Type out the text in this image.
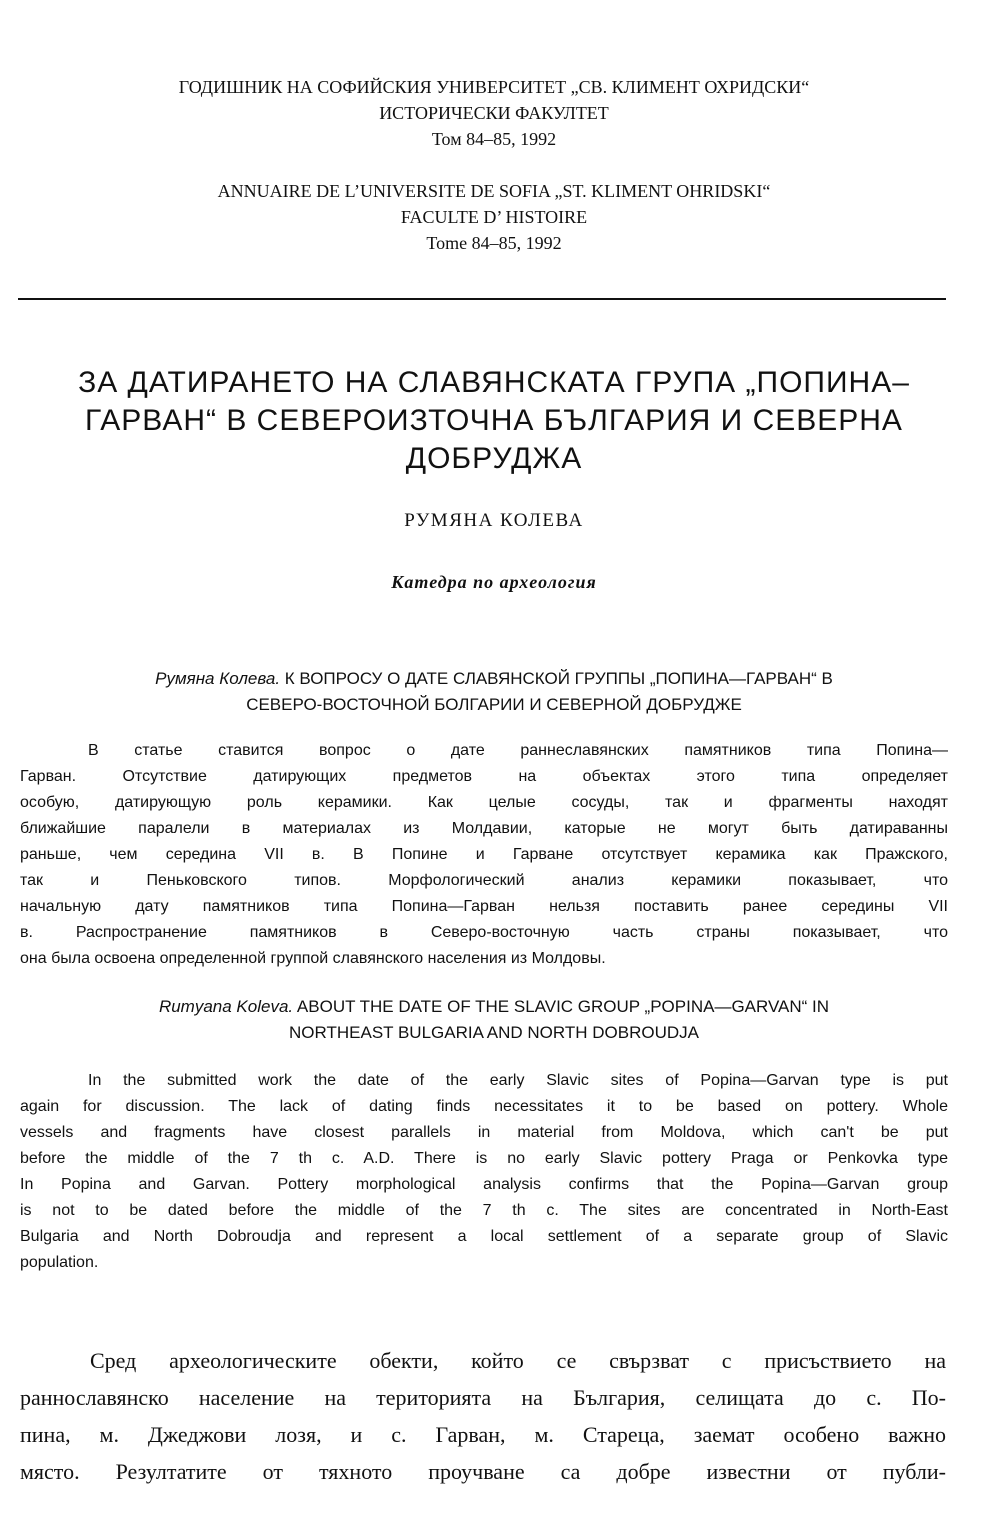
ГОДИШНИК НА СОФИЙСКИЯ УНИВЕРСИТЕТ „СВ. КЛИМЕНТ ОХРИДСКИ“
ИСТОРИЧЕСКИ ФАКУЛТЕТ
Том 84–85, 1992
ANNUAIRE DE L’UNIVERSITE DE SOFIA „ST. KLIMENT OHRIDSKI“
FACULTE D’ HISTOIRE
Tome 84–85, 1992
ЗА ДАТИРАНЕТО НА СЛАВЯНСКАТА ГРУПА „ПОПИНА–
ГАРВАН“ В СЕВЕРОИЗТОЧНА БЪЛГАРИЯ И СЕВЕРНА
ДОБРУДЖА
РУМЯНА КОЛЕВА
Катедра по археология
Румяна Колева. К ВОПРОСУ О ДАТЕ СЛАВЯНСКОЙ ГРУППЫ „ПОПИНА—ГАРВАН“ В
СЕВЕРО-ВОСТОЧНОЙ БОЛГАРИИ И СЕВЕРНОЙ ДОБРУДЖЕ
В статье ставится вопрос о дате раннеславянских памятников типа Попина—
Гарван. Отсутствие датирующих предметов на объектах этого типа определяет
особую, датирующую роль керамики. Как целые сосуды, так и фрагменты находят
ближайшие паралели в материалах из Молдавии, каторые не могут быть датираванны
раньше, чем середина VII в. В Попине и Гарване отсутствует керамика как Пражского,
так и Пеньковского типов. Морфологический анализ керамики показывает, что
начальную дату памятников типа Попина—Гарван нельзя поставить ранее середины VII
в. Распространение памятников в Северо-восточную часть страны показывает, что
она была освоена определенной группой славянского населения из Молдовы.
Rumyana Koleva. ABOUT THE DATE OF THE SLAVIC GROUP „POPINA—GARVAN“ IN
NORTHEAST BULGARIA AND NORTH DOBROUDJA
In the submitted work the date of the early Slavic sites of Popina—Garvan type is put
again for discussion. The lack of dating finds necessitates it to be based on pottery. Whole
vessels and fragments have closest parallels in material from Moldova, which can't be put
before the middle of the 7 th c. A.D. There is no early Slavic pottery Praga or Penkovka type
In Popina and Garvan. Pottery morphological analysis confirms that the Popina—Garvan group
is not to be dated before the middle of the 7 th c. The sites are concentrated in North-East
Bulgaria and North Dobroudja and represent a local settlement of a separate group of Slavic
population.
Сред археологическите обекти, който се свързват с присъствието на
раннославянско население на територията на България, селищата до с. По-
пина, м. Джеджови лозя, и с. Гарван, м. Стареца, заемат особено важно
място. Резултатите от тяхното проучване са добре известни от публи-
